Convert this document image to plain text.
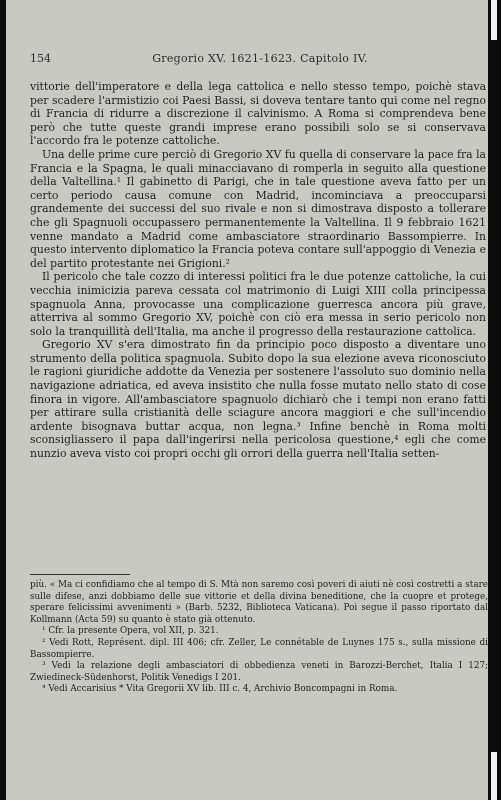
154	Gregorio XV. 1621-1623. Capitolo IV.

vittorie dell'imperatore e della lega cattolica e nello stesso tempo, poichè stava per scadere l'armistizio coi Paesi Bassi, si doveva tentare tanto qui come nel regno di Francia di ridurre a discrezione il calvinismo. A Roma si comprendeva bene però che tutte queste grandi imprese erano possibili solo se si conservava l'accordo fra le potenze cattoliche.

Una delle prime cure perciò di Gregorio XV fu quella di conservare la pace fra la Francia e la Spagna, le quali minacciavano di romperla in seguito alla questione della Valtellina.¹ Il gabinetto di Parigi, che in tale questione aveva fatto per un certo periodo causa comune con Madrid, incominciava a preoccuparsi grandemente dei successi del suo rivale e non si dimostrava disposto a tollerare che gli Spagnuoli occupassero permanentemente la Valtellina. Il 9 febbraio 1621 venne mandato a Madrid come ambasciatore straordinario Bassompierre. In questo intervento diplomatico la Francia poteva contare sull'appoggio di Venezia e del partito protestante nei Grigioni.²

Il pericolo che tale cozzo di interessi politici fra le due potenze cattoliche, la cui vecchia inimicizia pareva cessata col matrimonio di Luigi XIII colla principessa spagnuola Anna, provocasse una complicazione guerresca ancora più grave, atterriva al sommo Gregorio XV, poichè con ciò era messa in serio pericolo non solo la tranquillità dell'Italia, ma anche il progresso della restaurazione cattolica.

Gregorio XV s'era dimostrato fin da principio poco disposto a diventare uno strumento della politica spagnuola. Subito dopo la sua elezione aveva riconosciuto le ragioni giuridiche addotte da Venezia per sostenere l'assoluto suo dominio nella navigazione adriatica, ed aveva insistito che nulla fosse mutato nello stato di cose finora in vigore. All'ambasciatore spagnuolo dichiarò che i tempi non erano fatti per attirare sulla cristianità delle sciagure ancora maggiori e che sull'incendio ardente bisognava buttar acqua, non legna.³ Infine benchè in Roma molti sconsigliassero il papa dall'ingerirsi nella pericolosa questione,⁴ egli che come nunzio aveva visto coi propri occhi gli orrori della guerra nell'Italia setten-

più. « Ma ci confidiamo che al tempo di S. Mtà non saremo così poveri di aiuti nè così costretti a stare sulle difese, anzi dobbiamo delle sue vittorie et della divina beneditione, che la cuopre et protege, sperare felicissimi avvenimenti » (Barb. 5232, Biblioteca Vaticana). Poi segue il passo riportato dal Kollmann (Acta 59) su quanto è stato già ottenuto.

¹ Cfr. la presente Opera, vol XII, p. 321.

² Vedi Rott, Représent. dipl. III 406; cfr. Zeller, Le connétable de Luynes 175 s., sulla missione di Bassompierre.

³ Vedi la relazione degli ambasciatori di obbedienza veneti in Barozzi-Berchet, Italia I 127; Zwiedineck-Südenhorst, Politik Venedigs I 201.

⁴ Vedi Accarisius * Vita Gregorii XV lib. III c. 4, Archivio Boncompagni in Roma.
